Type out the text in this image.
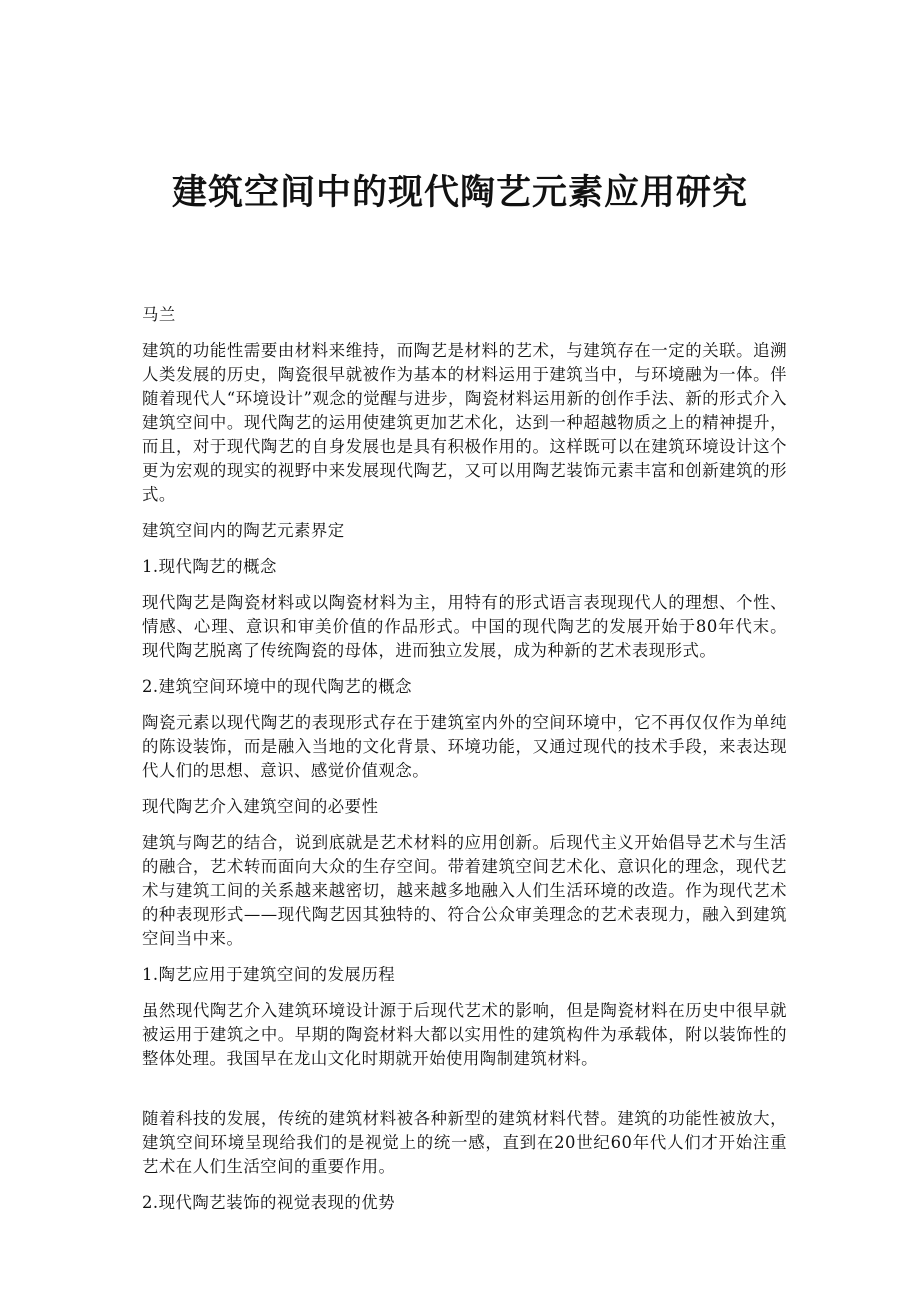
建筑空间中的现代陶艺元素应用研究

马兰

建筑的功能性需要由材料来维持，而陶艺是材料的艺术，与建筑存在一定的关联。追溯人类发展的历史，陶瓷很早就被作为基本的材料运用于建筑当中，与环境融为一体。伴随着现代人“环境设计”观念的觉醒与进步，陶瓷材料运用新的创作手法、新的形式介入建筑空间中。现代陶艺的运用使建筑更加艺术化，达到一种超越物质之上的精神提升，而且，对于现代陶艺的自身发展也是具有积极作用的。这样既可以在建筑环境设计这个更为宏观的现实的视野中来发展现代陶艺，又可以用陶艺装饰元素丰富和创新建筑的形式。

建筑空间内的陶艺元素界定

1.现代陶艺的概念

现代陶艺是陶瓷材料或以陶瓷材料为主，用特有的形式语言表现现代人的理想、个性、情感、心理、意识和审美价值的作品形式。中国的现代陶艺的发展开始于80年代末。现代陶艺脱离了传统陶瓷的母体，进而独立发展，成为种新的艺术表现形式。

2.建筑空间环境中的现代陶艺的概念

陶瓷元素以现代陶艺的表现形式存在于建筑室内外的空间环境中，它不再仅仅作为单纯的陈设装饰，而是融入当地的文化背景、环境功能，又通过现代的技术手段，来表达现代人们的思想、意识、感觉价值观念。

现代陶艺介入建筑空间的必要性

建筑与陶艺的结合，说到底就是艺术材料的应用创新。后现代主义开始倡导艺术与生活的融合，艺术转而面向大众的生存空间。带着建筑空间艺术化、意识化的理念，现代艺术与建筑工间的关系越来越密切，越来越多地融入人们生活环境的改造。作为现代艺术的种表现形式——现代陶艺因其独特的、符合公众审美理念的艺术表现力，融入到建筑空间当中来。

1.陶艺应用于建筑空间的发展历程

虽然现代陶艺介入建筑环境设计源于后现代艺术的影响，但是陶瓷材料在历史中很早就被运用于建筑之中。早期的陶瓷材料大都以实用性的建筑构件为承载体，附以装饰性的整体处理。我国早在龙山文化时期就开始使用陶制建筑材料。

随着科技的发展，传统的建筑材料被各种新型的建筑材料代替。建筑的功能性被放大，建筑空间环境呈现给我们的是视觉上的统一感，直到在20世纪60年代人们才开始注重艺术在人们生活空间的重要作用。

2.现代陶艺装饰的视觉表现的优势
